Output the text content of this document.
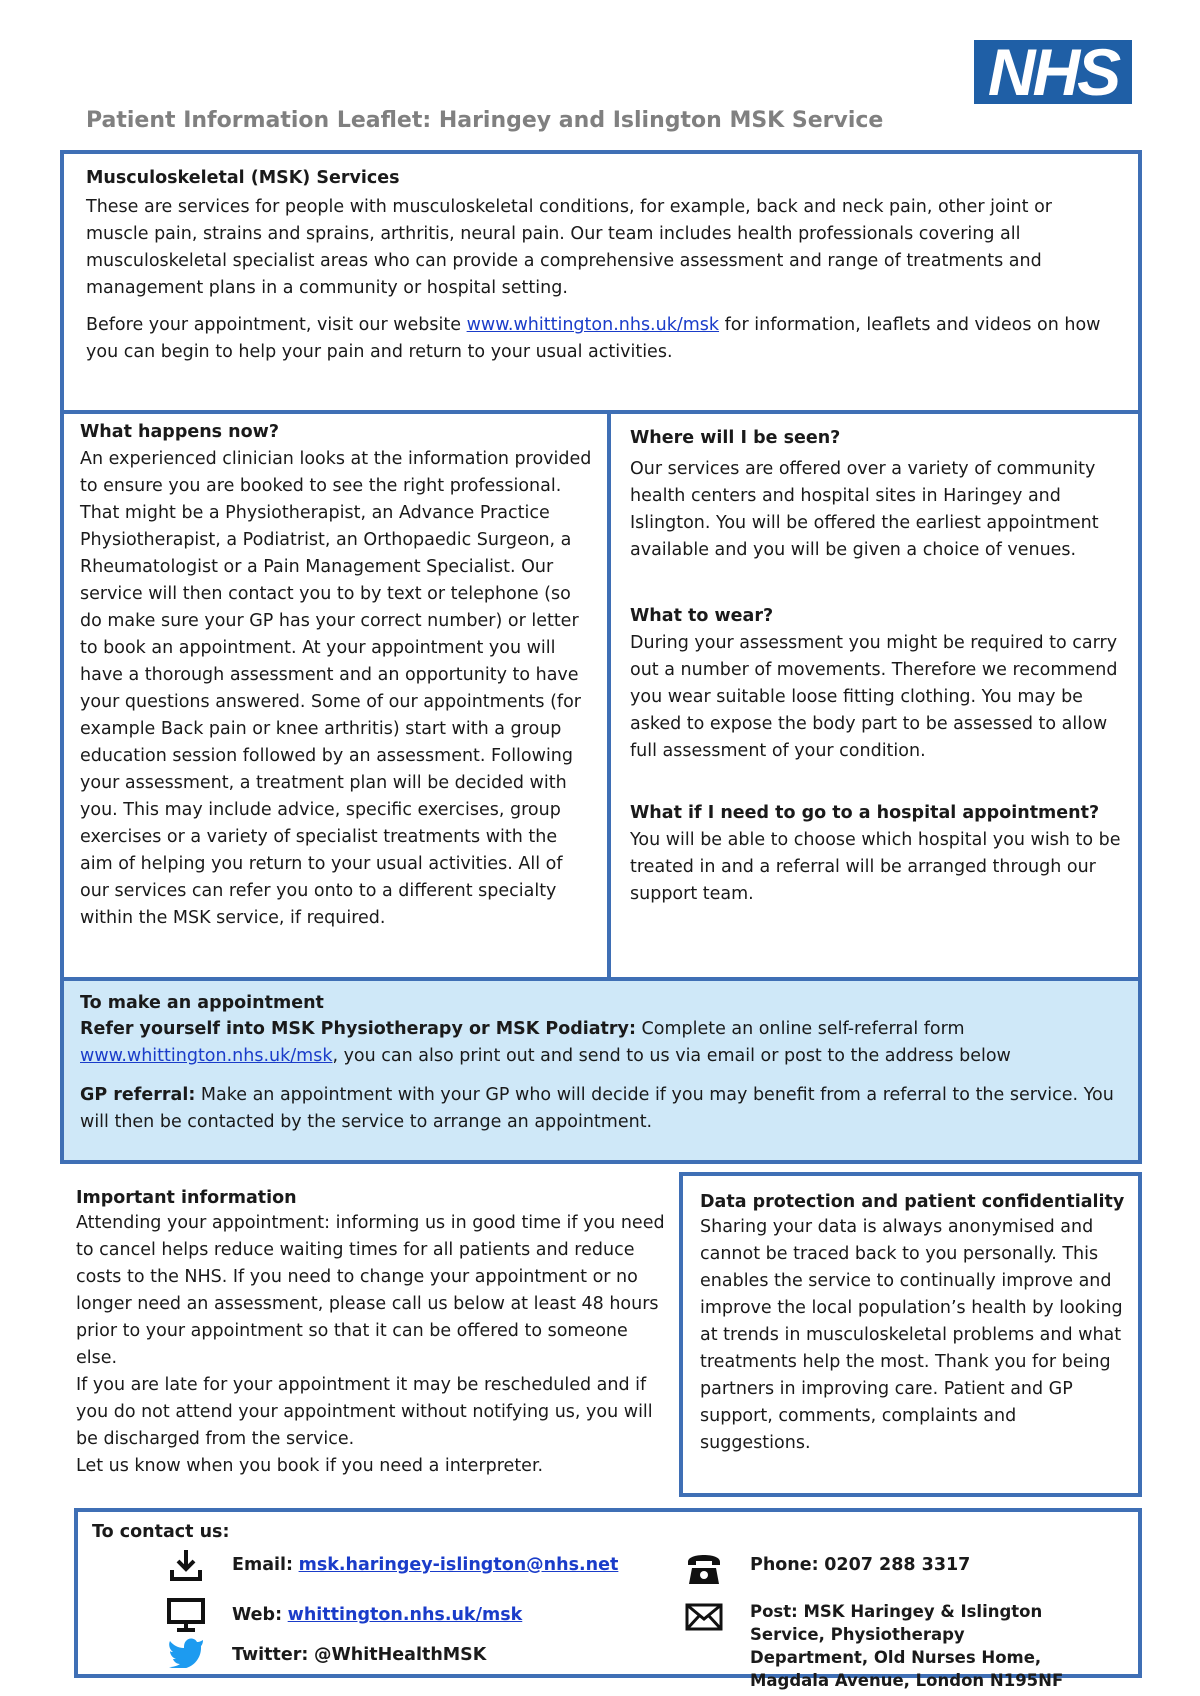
NHS
Patient Information Leaflet: Haringey and Islington MSK Service

Musculoskeletal (MSK) Services

These are services for people with musculoskeletal conditions, for example, back and neck pain, other joint or muscle pain, strains and sprains, arthritis, neural pain. Our team includes health professionals covering all musculoskeletal specialist areas who can provide a comprehensive assessment and range of treatments and management plans in a community or hospital setting.

Before your appointment, visit our website www.whittington.nhs.uk/msk for information, leaflets and videos on how you can begin to help your pain and return to your usual activities.

What happens now?

An experienced clinician looks at the information provided to ensure you are booked to see the right professional. That might be a Physiotherapist, an Advance Practice Physiotherapist, a Podiatrist, an Orthopaedic Surgeon, a Rheumatologist or a Pain Management Specialist. Our service will then contact you to by text or telephone (so do make sure your GP has your correct number) or letter to book an appointment. At your appointment you will have a thorough assessment and an opportunity to have your questions answered. Some of our appointments (for example Back pain or knee arthritis) start with a group education session followed by an assessment. Following your assessment, a treatment plan will be decided with you. This may include advice, specific exercises, group exercises or a variety of specialist treatments with the aim of helping you return to your usual activities. All of our services can refer you onto to a different specialty within the MSK service, if required.

Where will I be seen?

Our services are offered over a variety of community health centers and hospital sites in Haringey and Islington. You will be offered the earliest appointment available and you will be given a choice of venues.

What to wear?

During your assessment you might be required to carry out a number of movements. Therefore we recommend you wear suitable loose fitting clothing. You may be asked to expose the body part to be assessed to allow full assessment of your condition.

What if I need to go to a hospital appointment?

You will be able to choose which hospital you wish to be treated in and a referral will be arranged through our support team.

To make an appointment

Refer yourself into MSK Physiotherapy or MSK Podiatry: Complete an online self-referral form www.whittington.nhs.uk/msk, you can also print out and send to us via email or post to the address below

GP referral: Make an appointment with your GP who will decide if you may benefit from a referral to the service. You will then be contacted by the service to arrange an appointment.

Important information

Attending your appointment: informing us in good time if you need to cancel helps reduce waiting times for all patients and reduce costs to the NHS. If you need to change your appointment or no longer need an assessment, please call us below at least 48 hours prior to your appointment so that it can be offered to someone else.

If you are late for your appointment it may be rescheduled and if you do not attend your appointment without notifying us, you will be discharged from the service.

Let us know when you book if you need a interpreter.

Data protection and patient confidentiality

Sharing your data is always anonymised and cannot be traced back to you personally. This enables the service to continually improve and improve the local population’s health by looking at trends in musculoskeletal problems and what treatments help the most. Thank you for being partners in improving care. Patient and GP support, comments, complaints and suggestions.

To contact us:

Email: msk.haringey-islington@nhs.net

Web: whittington.nhs.uk/msk

Twitter: @WhitHealthMSK

Phone: 0207 288 3317

Post: MSK Haringey & Islington Service, Physiotherapy Department, Old Nurses Home, Magdala Avenue, London N195NF
